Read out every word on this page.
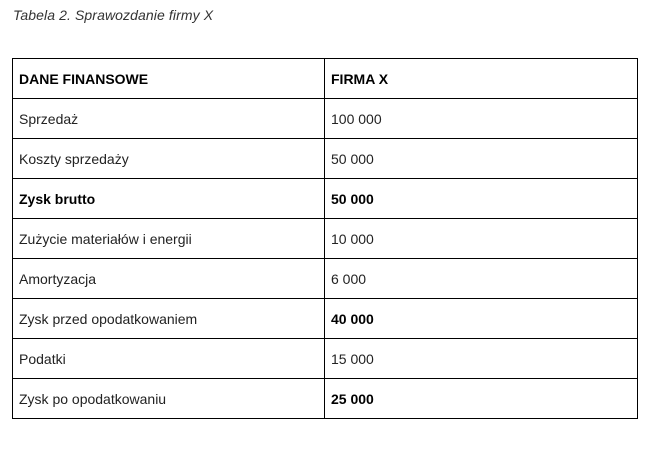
Tabela 2. Sprawozdanie firmy X
DANE FINANSOWE	FIRMA X
Sprzedaż	100 000
Koszty sprzedaży	50 000
Zysk brutto	50 000
Zużycie materiałów i energii	10 000
Amortyzacja	6 000
Zysk przed opodatkowaniem	40 000
Podatki	15 000
Zysk po opodatkowaniu	25 000
